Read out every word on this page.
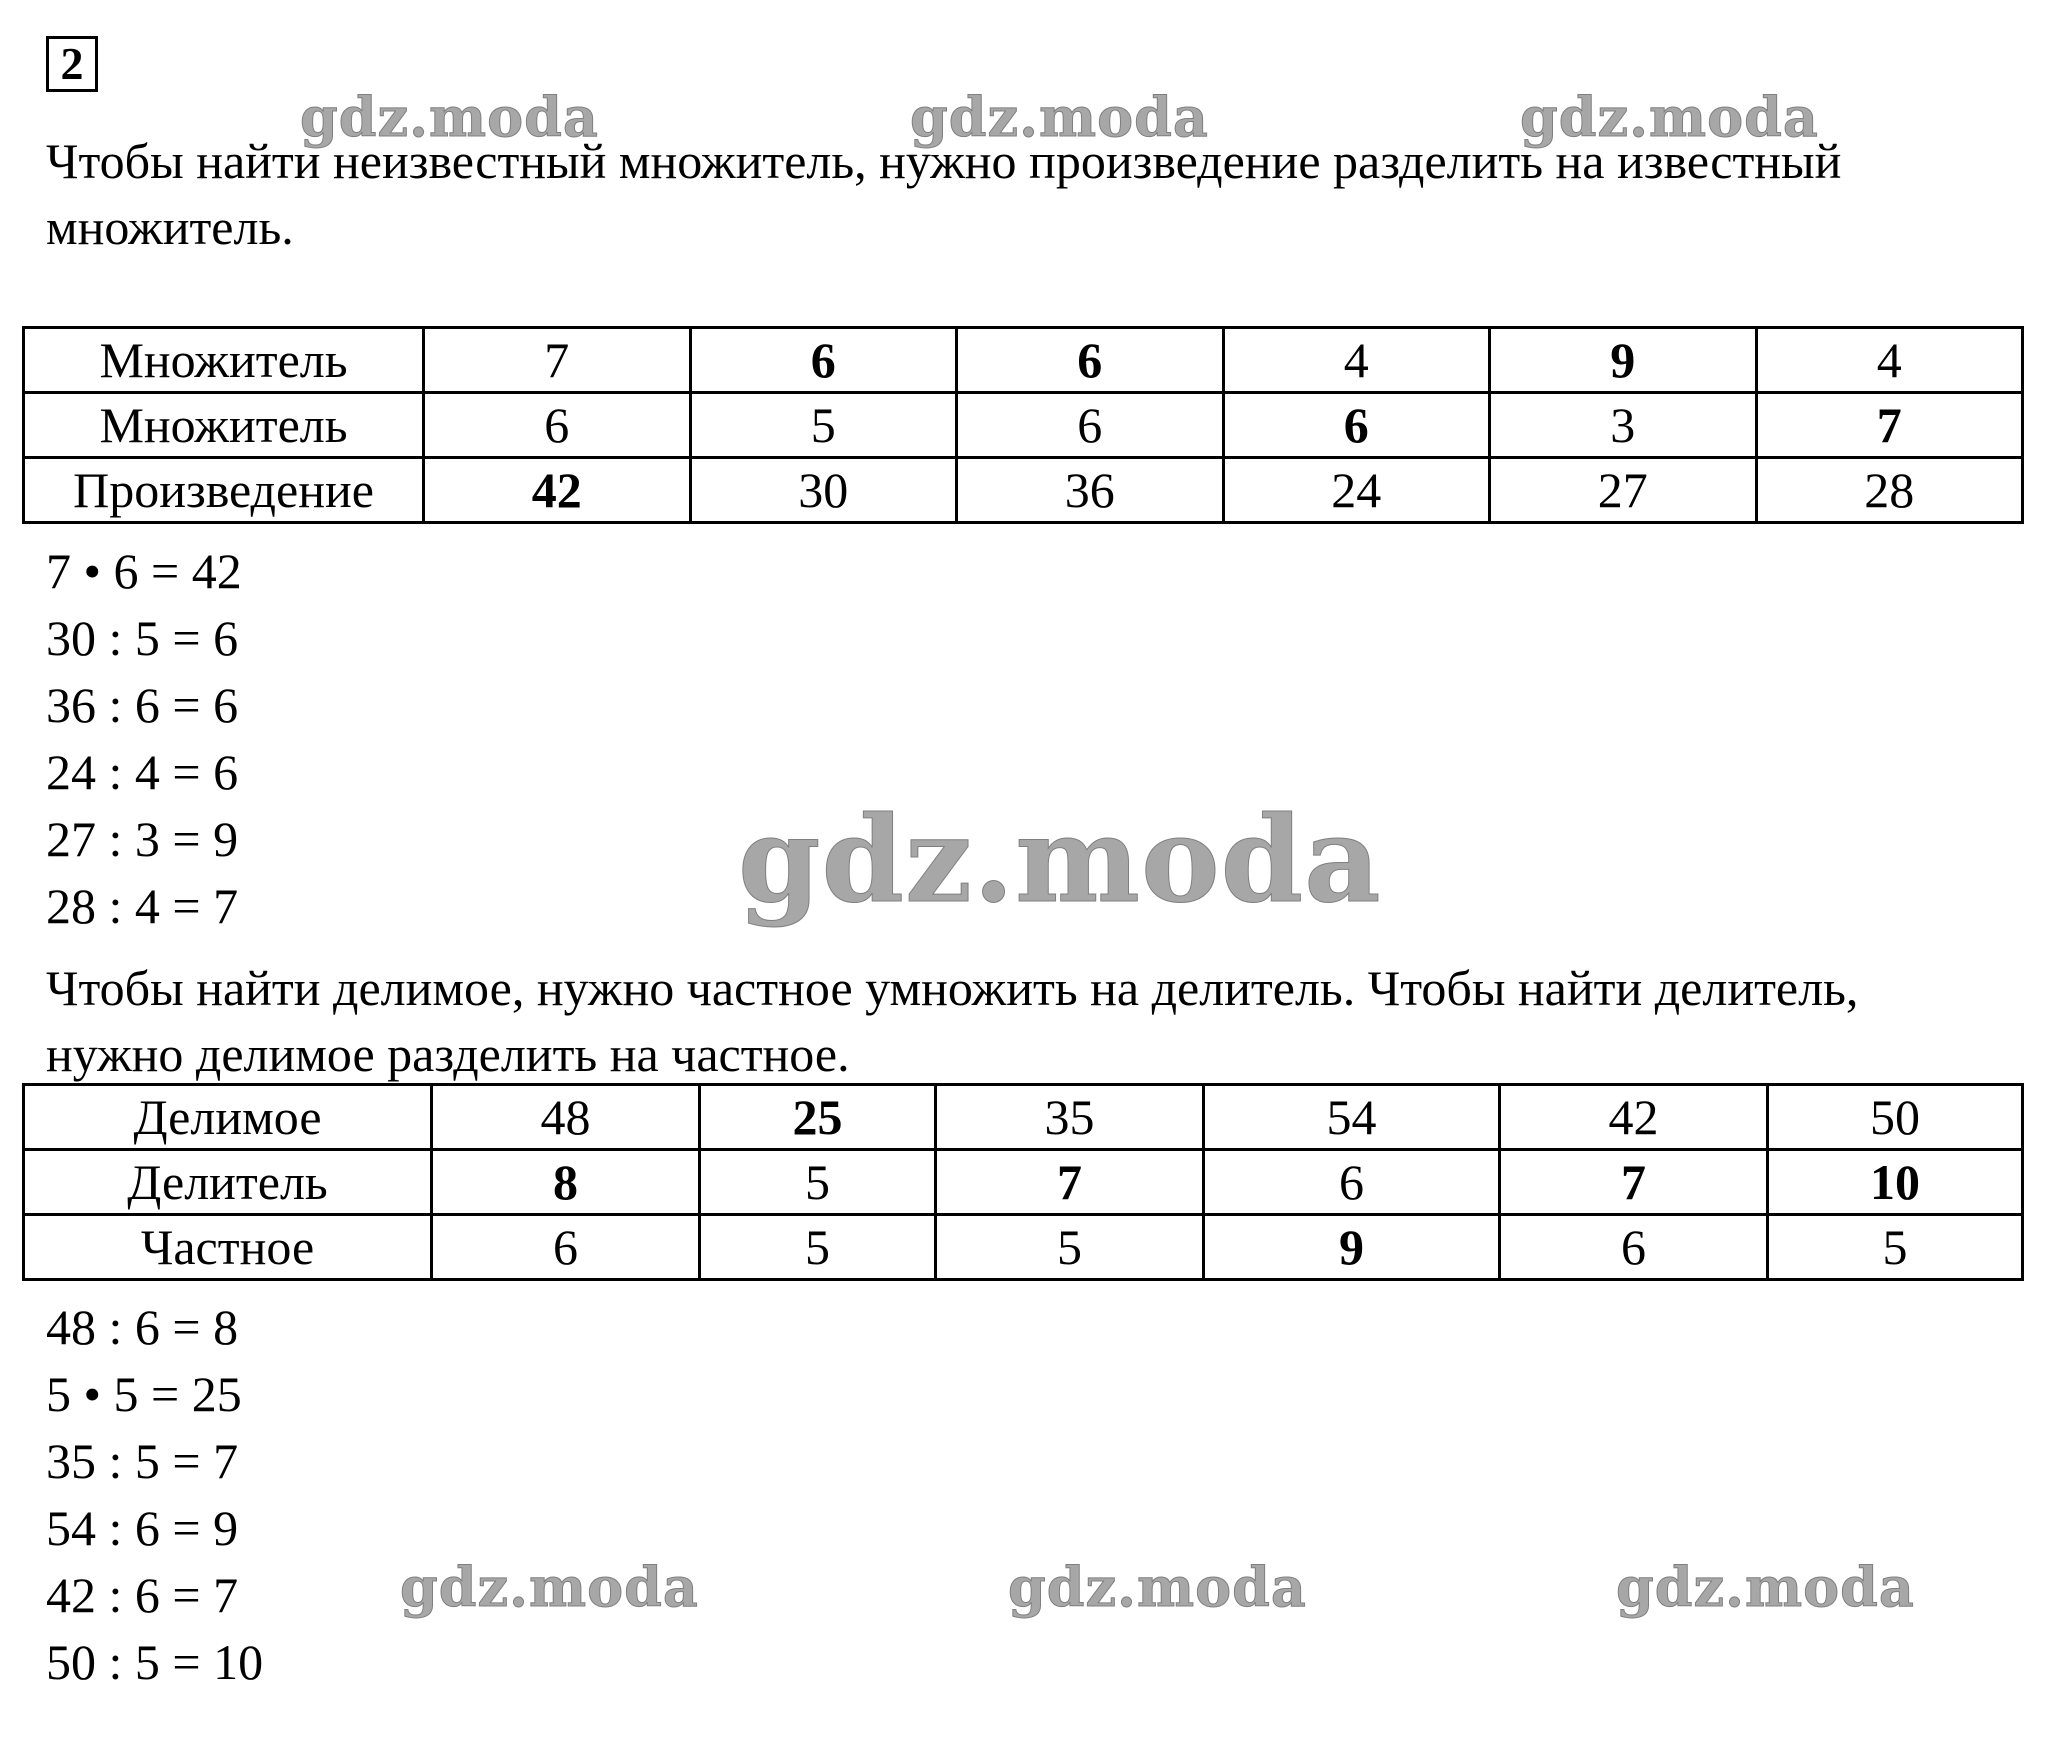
2
gdz.moda	gdz.moda	gdz.moda

Чтобы найти неизвестный множитель, нужно произведение разделить на известный множитель.

Множитель	7	6	6	4	9	4
Множитель	6	5	6	6	3	7
Произведение	42	30	36	24	27	28
7 • 6 = 42
30 : 5 = 6
36 : 6 = 6
24 : 4 = 6
27 : 3 = 9
28 : 4 = 7	gdz.moda

Чтобы найти делимое, нужно частное умножить на делитель. Чтобы найти делитель, нужно делимое разделить на частное.

Делимое	48	25	35	54	42	50
Делитель	8	5	7	6	7	10
Частное	6	5	5	9	6	5
48 : 6 = 8
5 • 5 = 25
35 : 5 = 7
54 : 6 = 9
42 : 6 = 7
50 : 5 = 10
gdz.moda	gdz.moda	gdz.moda
